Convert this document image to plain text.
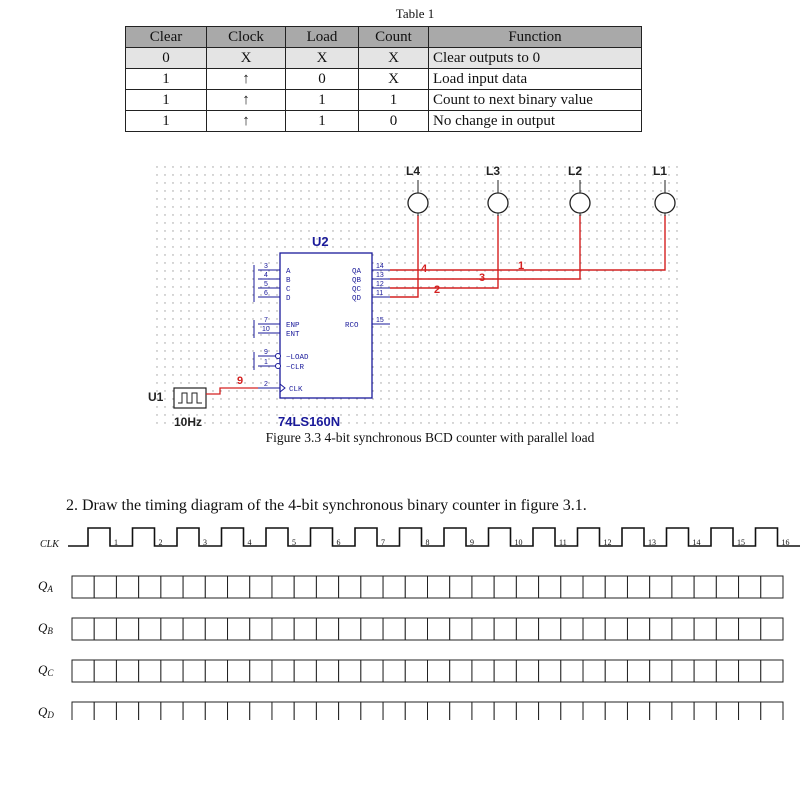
Table 1
Clear	Clock	Load	Count	Function
0	X	X	X	Clear outputs to 0
1	↑	0	X	Load input data
1	↑	1	1	Count to next binary value
1	↑	1	0	No change in output
U2
3
4
5
6
7
10
9
1
2
A
B
C
D
ENP
ENT
~LOAD
~CLR
CLK
QA
QB
QC
QD
RCO
14
13
12
11
15
4
2
3
1
9
L4	L3	L2	L1
U1
10Hz	74LS160N
Figure 3.3 4-bit synchronous BCD counter with parallel load
2. Draw the timing diagram of the 4-bit synchronous binary counter in figure 3.1.
CLK	1	2	3	4	5	6	7	8	9	10	11	12	13	14	15	16
QA
QB
QC
QD
